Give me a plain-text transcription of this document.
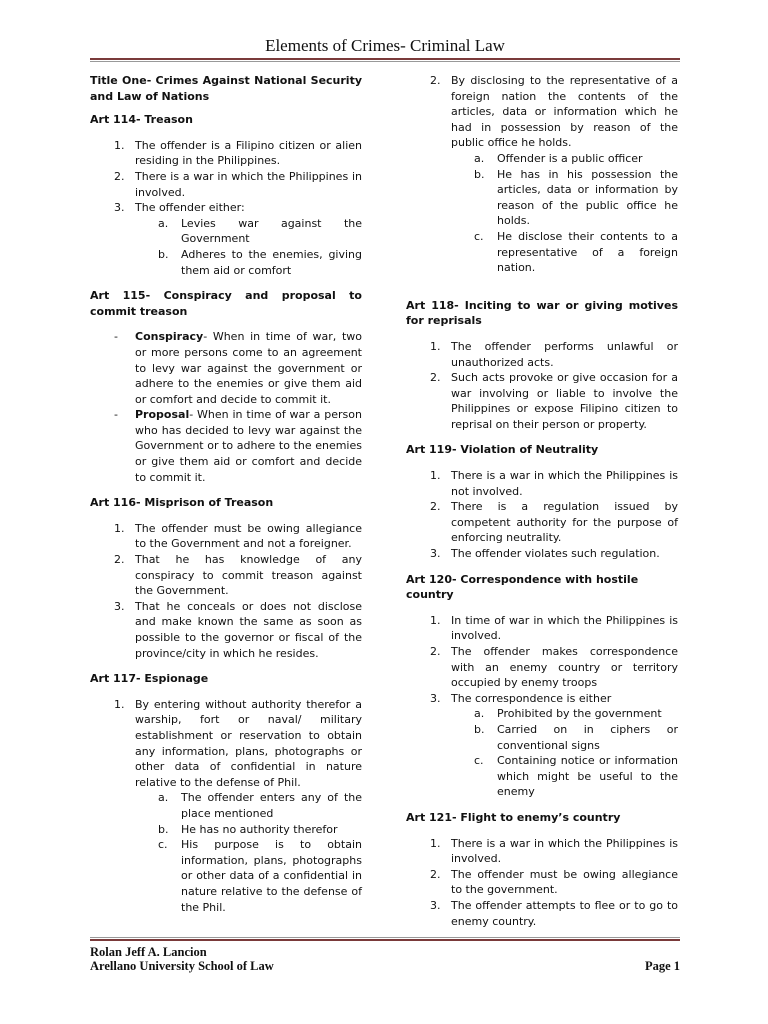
Elements of Crimes- Criminal Law
Title One- Crimes Against National Security and Law of Nations
Art 114- Treason
1. The offender is a Filipino citizen or alien residing in the Philippines.
2. There is a war in which the Philippines in involved.
3. The offender either:
a.	Levies war against the Government
b.	Adheres to the enemies, giving them aid or comfort
Art 115- Conspiracy and proposal to commit treason
-	Conspiracy- When in time of war, two or more persons come to an agreement to levy war against the government or adhere to the enemies or give them aid or comfort and decide to commit it.
-	Proposal- When in time of war a person who has decided to levy war against the Government or to adhere to the enemies or give them aid or comfort and decide to commit it.
Art 116- Misprison of Treason
1. The offender must be owing allegiance to the Government and not a foreigner.
2. That he has knowledge of any conspiracy to commit treason against the Government.
3. That he conceals or does not disclose and make known the same as soon as possible to the governor or fiscal of the province/city in which he resides.
Art 117- Espionage
1. By entering without authority therefor a warship, fort or naval/ military establishment or reservation to obtain any information, plans, photographs or other data of confidential in nature relative to the defense of Phil.
a.	The offender enters any of the place mentioned
b.	He has no authority therefor
c.	His purpose is to obtain information, plans, photographs or other data of a confidential in nature relative to the defense of the Phil.
2. By disclosing to the representative of a foreign nation the contents of the articles, data or information which he had in possession by reason of the public office he holds.
a.	Offender is a public officer
b.	He has in his possession the articles, data or information by reason of the public office he holds.
c.	He disclose their contents to a representative of a foreign nation.
Art 118- Inciting to war or giving motives for reprisals
1. The offender performs unlawful or unauthorized acts.
2. Such acts provoke or give occasion for a war involving or liable to involve the Philippines or expose Filipino citizen to reprisal on their person or property.
Art 119- Violation of Neutrality
1. There is a war in which the Philippines is not involved.
2. There is a regulation issued by competent authority for the purpose of enforcing neutrality.
3. The offender violates such regulation.
Art 120- Correspondence with hostile country
1. In time of war in which the Philippines is involved.
2. The offender makes correspondence with an enemy country or territory occupied by enemy troops
3. The correspondence is either
a.	Prohibited by the government
b.	Carried on in ciphers or conventional signs
c.	Containing notice or information which might be useful to the enemy
Art 121- Flight to enemy’s country
1. There is a war in which the Philippines is involved.
2. The offender must be owing allegiance to the government.
3. The offender attempts to flee or to go to enemy country.
Rolan Jeff A. Lancion
Arellano University School of Law	Page 1
